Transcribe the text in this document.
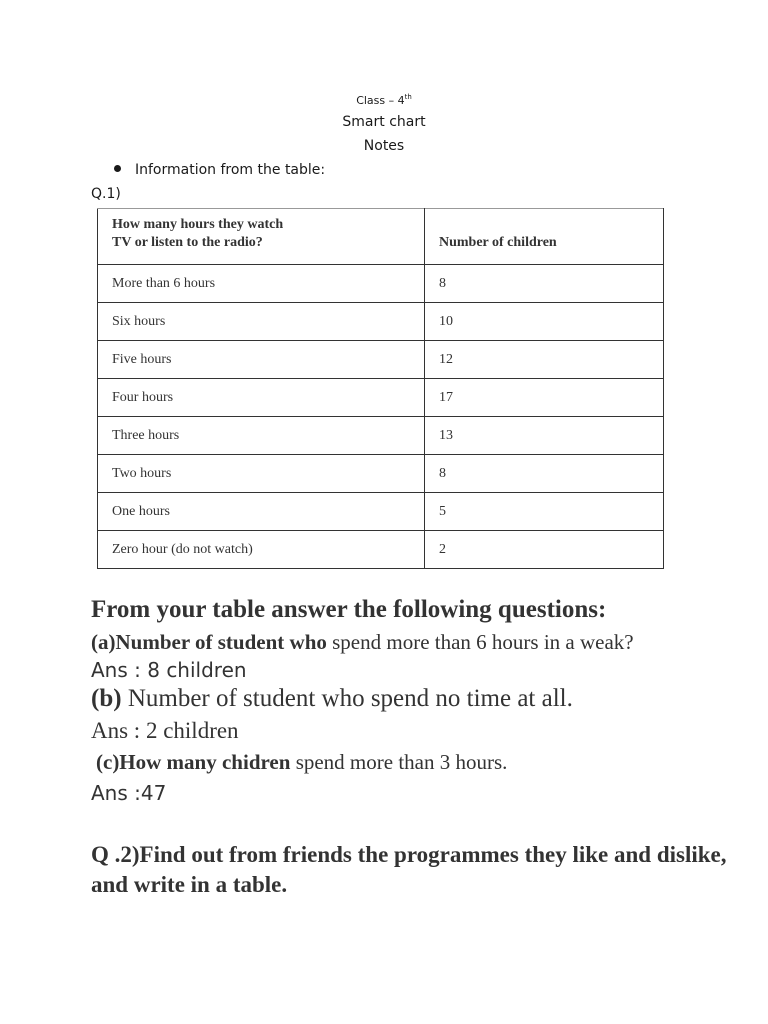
Class – 4th
Smart chart
Notes
Information from the table:
Q.1)
How many hours they watch
TV or listen to the radio?	Number of children
More than 6 hours	8
Six hours	10
Five hours	12
Four hours	17
Three hours	13
Two hours	8
One hours	5
Zero hour (do not watch)	2
From your table answer the following questions:
(a)Number of student who spend more than 6 hours in a weak?
Ans : 8 children
(b) Number of student who spend no time at all.
Ans : 2 children
(c)How many chidren spend more than 3 hours.
Ans :47
Q .2)Find out from friends the programmes they like and dislike, and write in a table.
